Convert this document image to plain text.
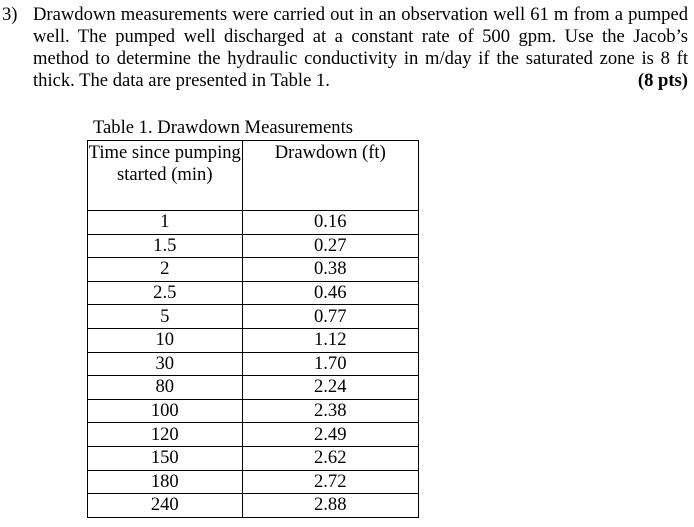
3) Drawdown measurements were carried out in an observation well 61 m from a pumped well. The pumped well discharged at a constant rate of 500 gpm. Use the Jacob’s method to determine the hydraulic conductivity in m/day if the saturated zone is 8 ft thick. The data are presented in Table 1.	(8 pts)
Table 1. Drawdown Measurements
Time since pumping started (min)	Drawdown (ft)
1	0.16
1.5	0.27
2	0.38
2.5	0.46
5	0.77
10	1.12
30	1.70
80	2.24
100	2.38
120	2.49
150	2.62
180	2.72
240	2.88
